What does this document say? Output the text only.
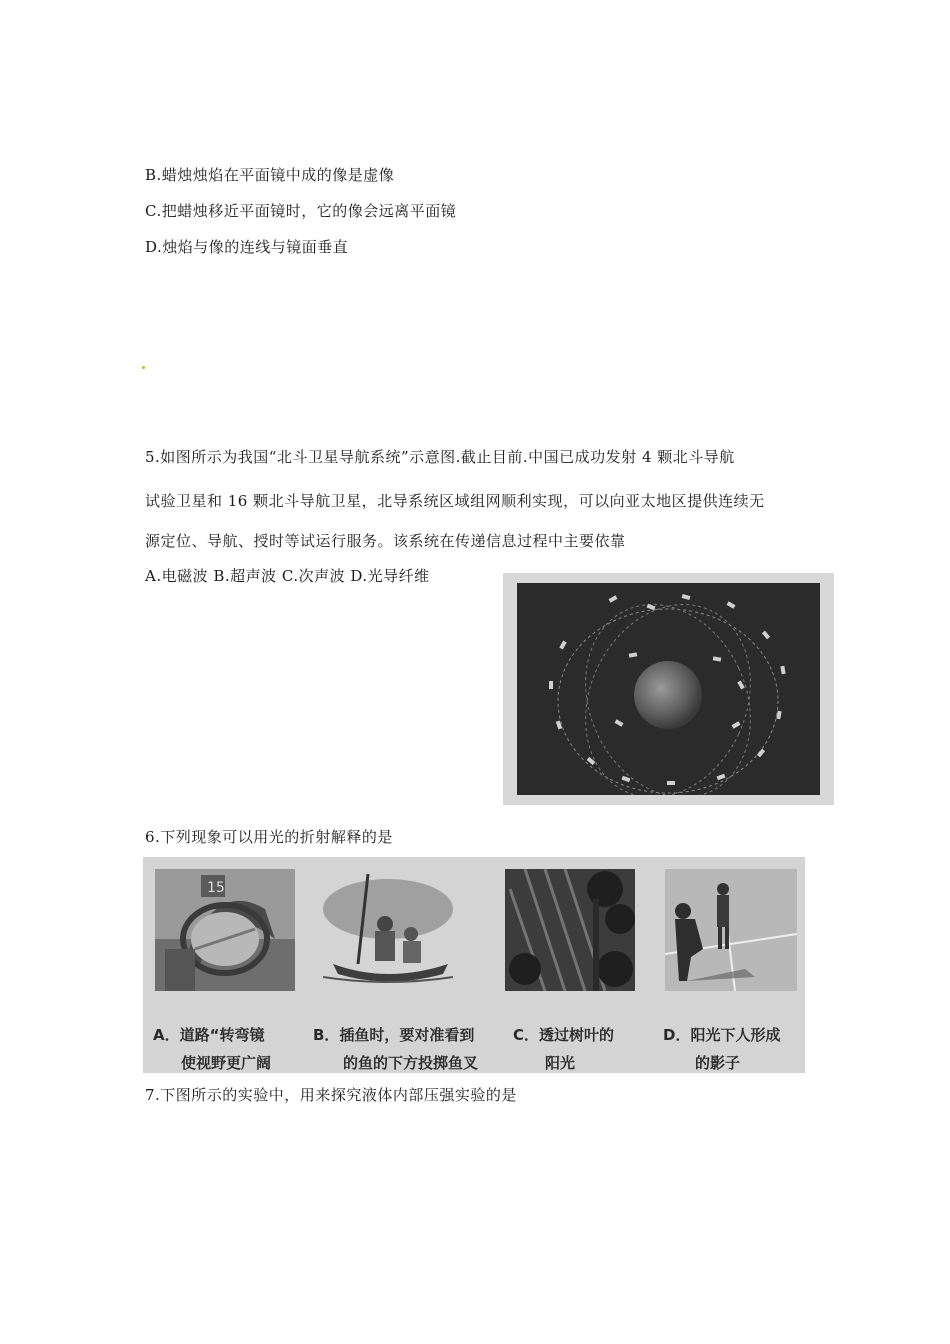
B.蜡烛烛焰在平面镜中成的像是虚像
C.把蜡烛移近平面镜时，它的像会远离平面镜
D.烛焰与像的连线与镜面垂直
5.如图所示为我国“北斗卫星导航系统”示意图.截止目前.中国已成功发射 4 颗北斗导航
试验卫星和 16 颗北斗导航卫星，北导系统区域组网顺利实现，可以向亚太地区提供连续无
源定位、导航、授时等试运行服务。该系统在传递信息过程中主要依靠
A.电磁波 B.超声波 C.次声波 D.光导纤维
6.下列现象可以用光的折射解释的是
15
A．道路“转弯镜
使视野更广阔
B．插鱼时，要对准看到
的鱼的下方投掷鱼叉
C．透过树叶的
阳光
D．阳光下人形成
的影子
7.下图所示的实验中，用来探究液体内部压强实验的是
